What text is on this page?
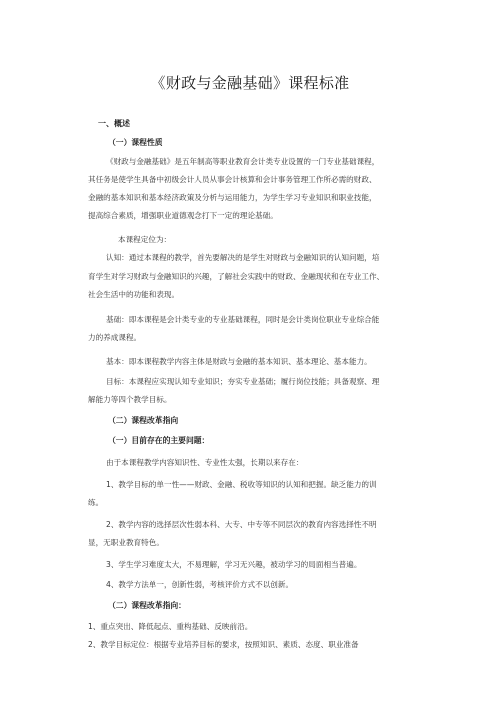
《财政与金融基础》课程标准
一、概述
（一）课程性质
《财政与金融基础》是五年制高等职业教育会计类专业设置的一门专业基础课程，
其任务是使学生具备中初级会计人员从事会计核算和会计事务管理工作所必需的财政、
金融的基本知识和基本经济政策及分析与运用能力，为学生学习专业知识和职业技能，
提高综合素质，增强职业道德观念打下一定的理论基础。
本课程定位为：
认知：通过本课程的教学，首先要解决的是学生对财政与金融知识的认知问题，培
育学生对学习财政与金融知识的兴趣，了解社会实践中的财政、金融现状和在专业工作、
社会生活中的功能和表现。
基础：即本课程是会计类专业的专业基础课程，同时是会计类岗位职业专业综合能
力的养成课程。
基本：即本课程教学内容主体是财政与金融的基本知识、基本理论、基本能力。
目标：本课程应实现认知专业知识；夯实专业基础；履行岗位技能；具备观察、理
解能力等四个教学目标。
（二）课程改革指向
（一）目前存在的主要问题：
由于本课程教学内容知识性、专业性太强，长期以来存在：
1、教学目标的单一性——财政、金融、税收等知识的认知和把握。缺乏能力的训
练。
2、教学内容的选择层次性弱本科、大专、中专等不同层次的教育内容选择性不明
显，无职业教育特色。
3、学生学习难度太大，不易理解，学习无兴趣，被动学习的局面相当普遍。
4、教学方法单一，创新性弱，考核评价方式不以创新。
（二）课程改革指向：
1、重点突出、降低起点、重构基础、反映前沿。
2、教学目标定位：根据专业培养目标的要求，按照知识、素质、态度、职业准备
